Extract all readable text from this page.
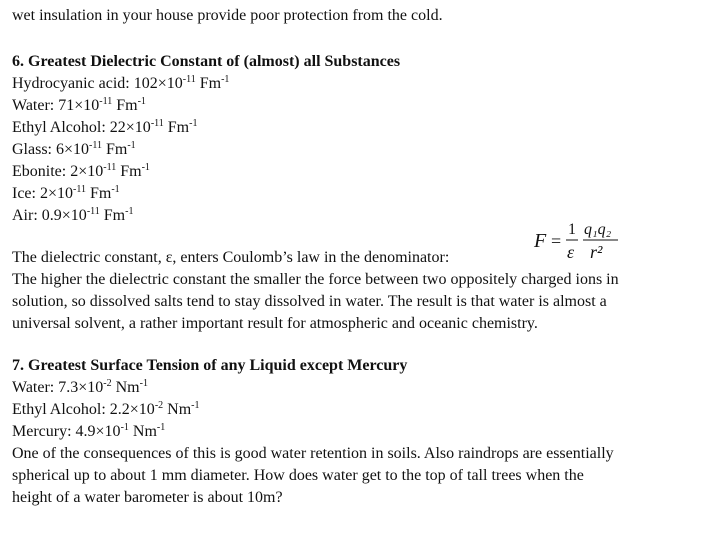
wet insulation in your house provide poor protection from the cold.
6. Greatest Dielectric Constant of (almost) all Substances
Hydrocyanic acid: $102\times 10^{-11}$ $Fm^{-1}$
Water: $71\times 10^{-11}$ $Fm^{-1}$
Ethyl Alcohol: $22\times 10^{-11}$ $Fm^{-1}$
Glass: $6\times 10^{-11}$ $Fm^{-1}$
Ebonite: $2\times 10^{-11}$ $Fm^{-1}$
Ice: $2\times 10^{-11}$ $Fm^{-1}$
Air: $0.9\times 10^{-11}$ $Fm^{-1}$
The dielectric constant, ε, enters Coulomb’s law in the denominator:
F =
1
ε
q₁q₂
r²
The higher the dielectric constant the smaller the force between two oppositely charged ions in
solution, so dissolved salts tend to stay dissolved in water. The result is that water is almost a
universal solvent, a rather important result for atmospheric and oceanic chemistry.
7. Greatest Surface Tension of any Liquid except Mercury
Water: $7.3\times 10^{-2}$ $Nm^{-1}$
Ethyl Alcohol: $2.2\times 10^{-2}$ $Nm^{-1}$
Mercury: $4.9\times 10^{-1}$ $Nm^{-1}$
One of the consequences of this is good water retention in soils. Also raindrops are essentially
spherical up to about 1 mm diameter. How does water get to the top of tall trees when the
height of a water barometer is about 10m?
